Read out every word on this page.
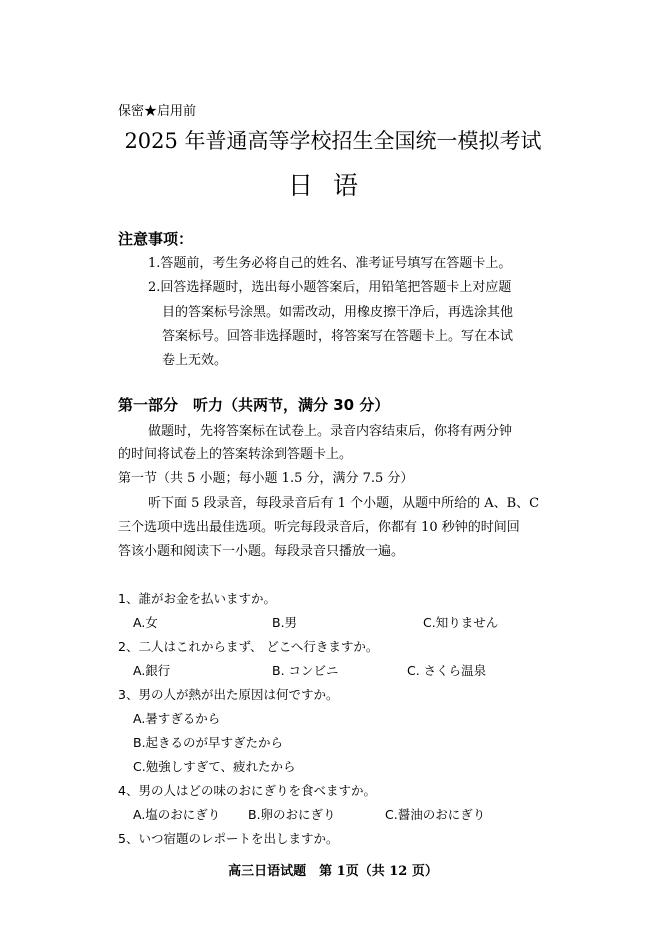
保密★启用前
2025 年普通高等学校招生全国统一模拟考试
日语
注意事项：
1.答题前，考生务必将自己的姓名、准考证号填写在答题卡上。
2.回答选择题时，选出每小题答案后，用铅笔把答题卡上对应题
目的答案标号涂黑。如需改动，用橡皮擦干净后，再选涂其他
答案标号。回答非选择题时，将答案写在答题卡上。写在本试
卷上无效。
第一部分　听力（共两节，满分 30 分）
做题时，先将答案标在试卷上。录音内容结束后，你将有两分钟
的时间将试卷上的答案转涂到答题卡上。
第一节（共 5 小题；每小题 1.5 分，满分 7.5 分）
听下面 5 段录音，每段录音后有 1 个小题，从题中所给的 A、B、C
三个选项中选出最佳选项。听完每段录音后，你都有 10 秒钟的时间回
答该小题和阅读下一小题。每段录音只播放一遍。
1、誰がお金を払いますか。
A.女	B.男	C.知りません
2、二人はこれからまず、 どこへ行きますか。
A.銀行	B. コンビニ	C. さくら温泉
3、男の人が熱が出た原因は何ですか。
A.暑すぎるから
B.起きるのが早すぎたから
C.勉強しすぎて、疲れたから
4、男の人はどの味のおにぎりを食べますか。
A.塩のおにぎり B.卵のおにぎり	C.醤油のおにぎり
5、いつ宿題のレポートを出しますか。
高三日语试题　第 1页（共 12 页）
